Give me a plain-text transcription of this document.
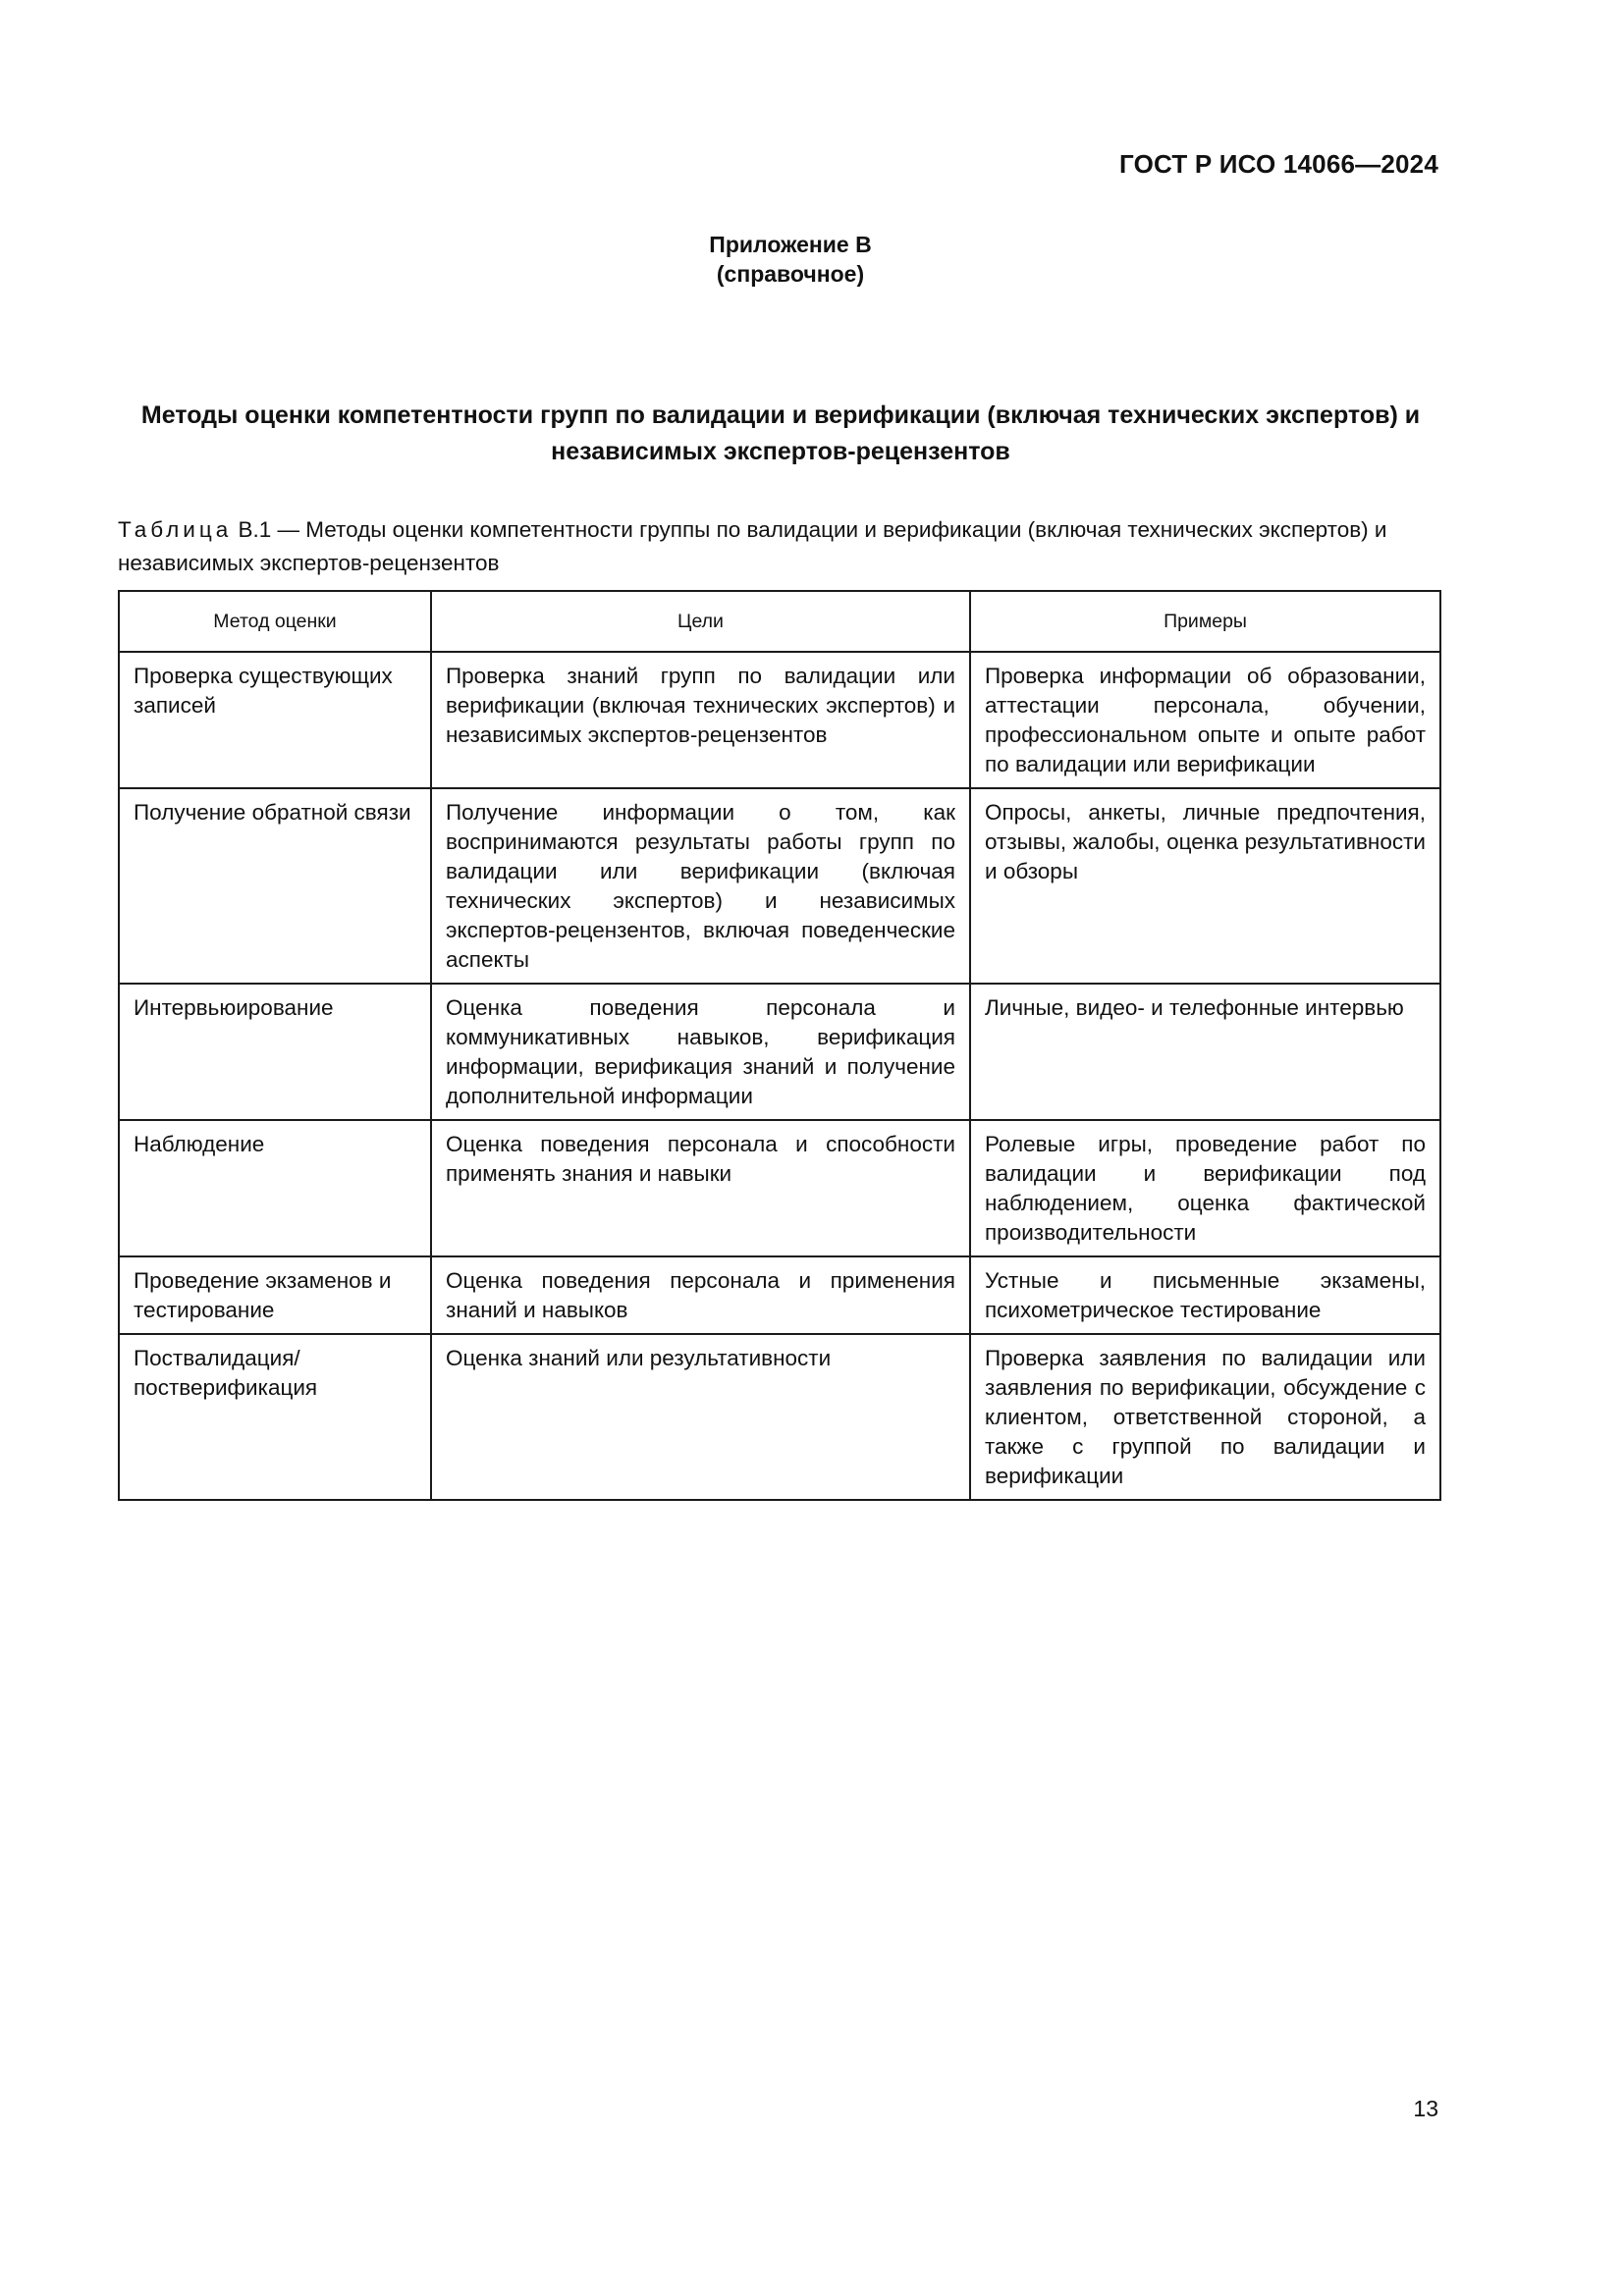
ГОСТ Р ИСО 14066—2024
Приложение В
(справочное)
Методы оценки компетентности групп по валидации и верификации (включая технических экспертов) и независимых экспертов-рецензентов
Таблица В.1 — Методы оценки компетентности группы по валидации и верификации (включая технических экспертов) и независимых экспертов-рецензентов
Метод оценки	Цели	Примеры
Проверка существующих записей	Проверка знаний групп по валидации или верификации (включая технических экспертов) и независимых экспертов-рецензентов	Проверка информации об образовании, аттестации персонала, обучении, профессиональном опыте и опыте работ по валидации или верификации
Получение обратной связи	Получение информации о том, как воспринимаются результаты работы групп по валидации или верификации (включая технических экспертов) и независимых экспертов-рецензентов, включая поведенческие аспекты	Опросы, анкеты, личные предпочтения, отзывы, жалобы, оценка результативности и обзоры
Интервьюирование	Оценка поведения персонала и коммуникативных навыков, верификация информации, верификация знаний и получение дополнительной информации	Личные, видео- и телефонные интервью
Наблюдение	Оценка поведения персонала и способности применять знания и навыки	Ролевые игры, проведение работ по валидации и верификации под наблюдением, оценка фактической производительности
Проведение экзаменов и тестирование	Оценка поведения персонала и применения знаний и навыков	Устные и письменные экзамены, психометрическое тестирование
Поствалидация/ постверификация	Оценка знаний или результативности	Проверка заявления по валидации или заявления по верификации, обсуждение с клиентом, ответственной стороной, а также с группой по валидации и верификации
13
